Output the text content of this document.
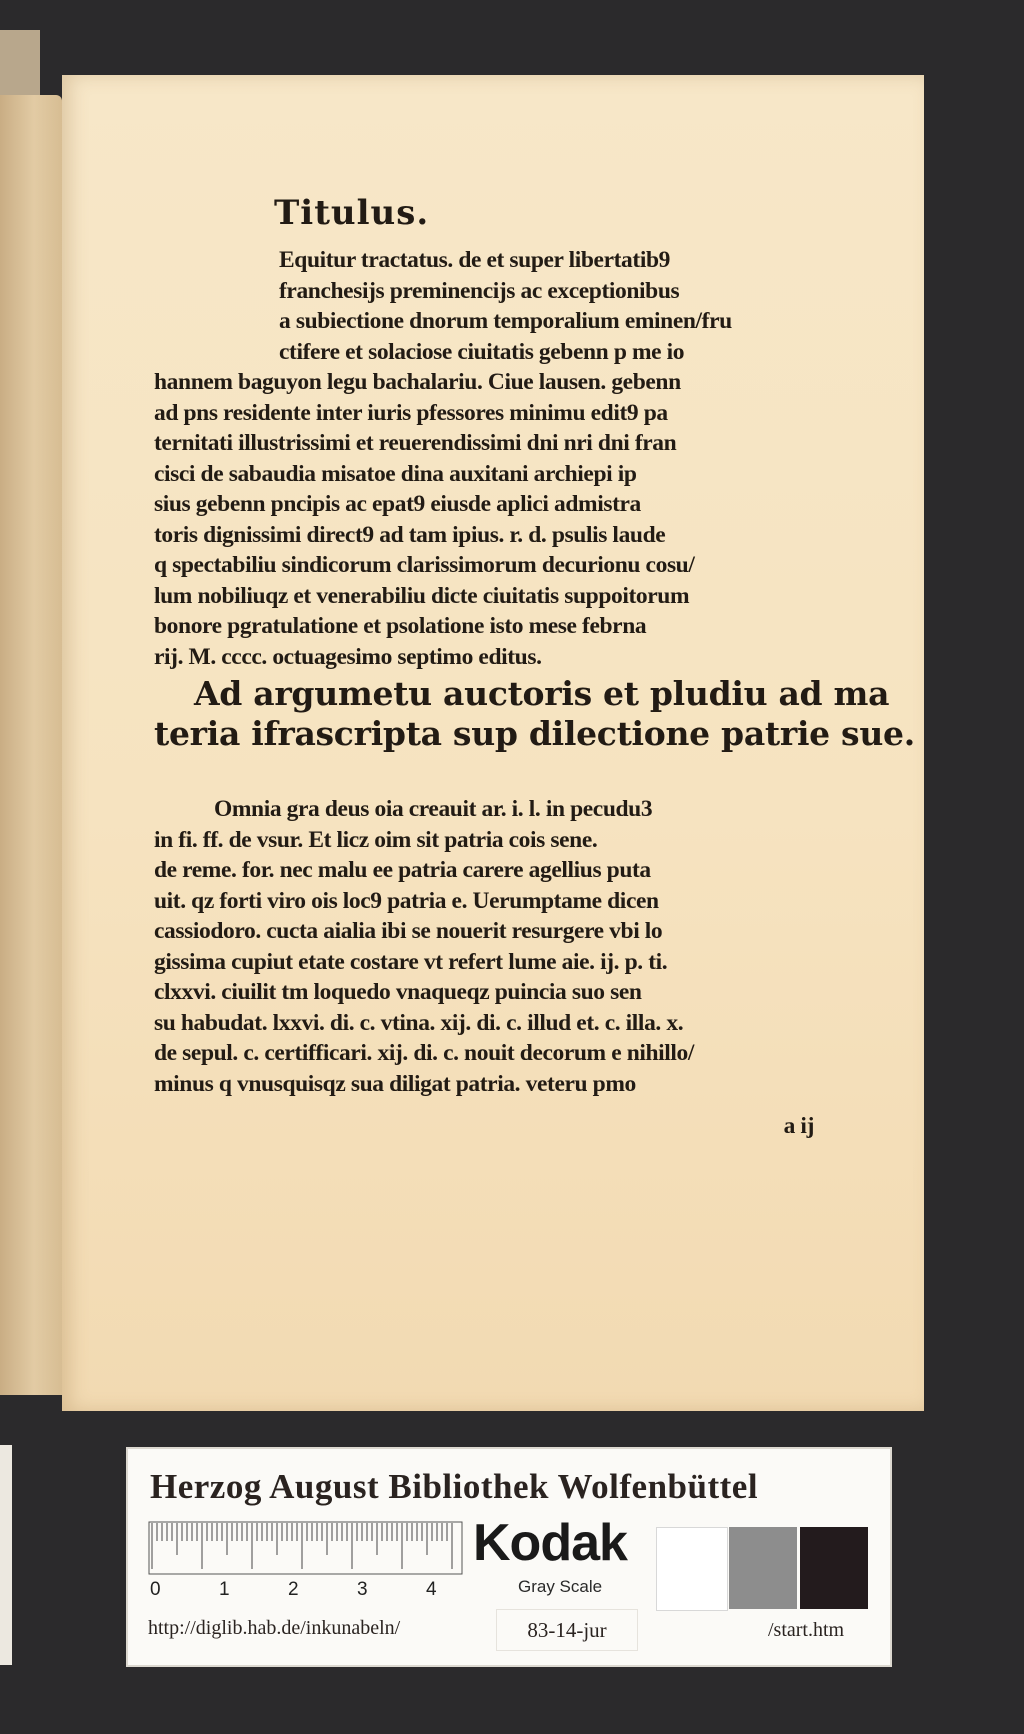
Titulus.
Equitur tractatus. de et super libertatib9
franchesijs preminencijs ac exceptionibus
a subiectione dnorum temporalium eminen/fru
ctifere et solaciose ciuitatis gebenn p me io
hannem baguyon legu bachalariu. Ciue lausen. gebenn
ad pns residente inter iuris pfessores minimu edit9 pa
ternitati illustrissimi et reuerendissimi dni nri dni fran
cisci de sabaudia misatoe dina auxitani archiepi ip
sius gebenn pncipis ac epat9 eiusde aplici admistra
toris dignissimi direct9 ad tam ipius. r. d. psulis laude
q spectabiliu sindicorum clarissimorum decurionu cosu/
lum nobiliuqz et venerabiliu dicte ciuitatis suppoitorum
bonore pgratulatione et psolatione isto mese febrna
rij. M. cccc. octuagesimo septimo editus.
Ad argumetu auctoris et pludiu ad ma
teria ifrascripta sup dilectione patrie sue.
Omnia gra deus oia creauit ar. i. l. in pecudu3
in fi. ff. de vsur. Et licz oim sit patria cois sene.
de reme. for. nec malu ee patria carere agellius puta
uit. qz forti viro ois loc9 patria e. Uerumptame dicen
cassiodoro. cucta aialia ibi se nouerit resurgere vbi lo
gissima cupiut etate costare vt refert lume aie. ij. p. ti.
clxxvi. ciuilit tm loquedo vnaqueqz puincia suo sen
su habudat. lxxvi. di. c. vtina. xij. di. c. illud et. c. illa. x.
de sepul. c. certifficari. xij. di. c. nouit decorum e nihillo/
minus q vnusquisqz sua diligat patria. veteru pmo
a ij
Herzog August Bibliothek Wolfenbüttel
0	1	2	3	4
Kodak
Gray Scale
http://diglib.hab.de/inkunabeln/	83-14-jur	/start.htm
